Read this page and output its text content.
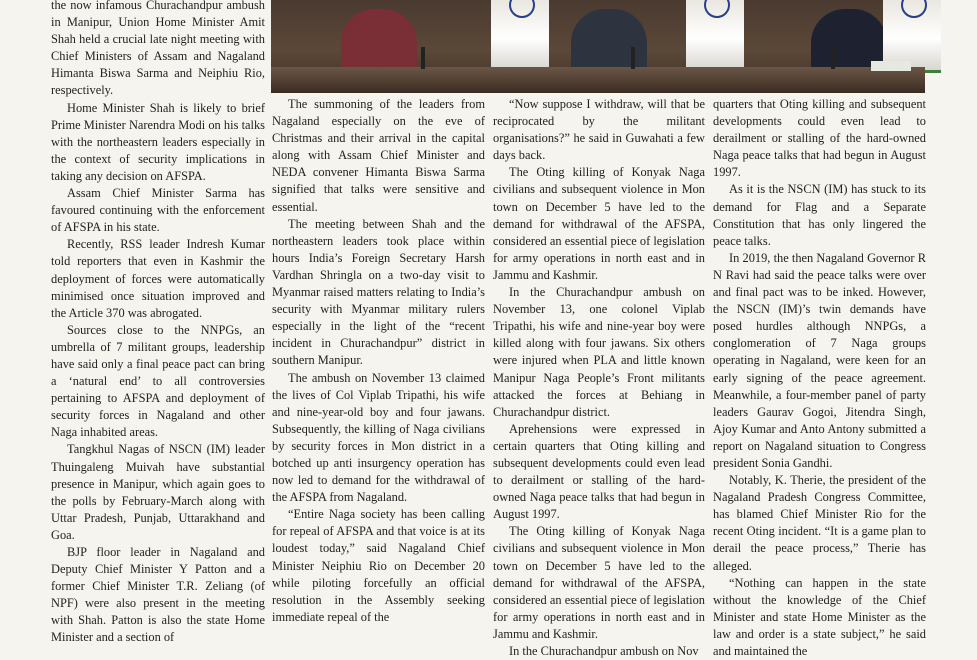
the now infamous Churachandpur ambush in Manipur, Union Home Minister Amit Shah held a crucial late night meeting with Chief Ministers of Assam and Nagaland Himanta Biswa Sarma and Neiphiu Rio, respectively.

Home Minister Shah is likely to brief Prime Minister Narendra Modi on his talks with the northeastern leaders especially in the context of security implications in taking any decision on AFSPA.

Assam Chief Minister Sarma has favoured continuing with the enforcement of AFSPA in his state.

Recently, RSS leader Indresh Kumar told reporters that even in Kashmir the deployment of forces were automatically minimised once situation improved and the Article 370 was abrogated.

Sources close to the NNPGs, an umbrella of 7 militant groups, leadership have said only a final peace pact can bring a ‘natural end’ to all controversies pertaining to AFSPA and deployment of security forces in Nagaland and other Naga inhabited areas.

Tangkhul Nagas of NSCN (IM) leader Thuingaleng Muivah have substantial presence in Manipur, which again goes to the polls by February-March along with Uttar Pradesh, Punjab, Uttarakhand and Goa.

BJP floor leader in Nagaland and Deputy Chief Minister Y Patton and a former Chief Minister T.R. Zeliang (of NPF) were also present in the meeting with Shah. Patton is also the state Home Minister and a section of

The summoning of the leaders from Nagaland especially on the eve of Christmas and their arrival in the capital along with Assam Chief Minister and NEDA convener Himanta Biswa Sarma signified that talks were sensitive and essential.

The meeting between Shah and the northeastern leaders took place within hours India’s Foreign Secretary Harsh Vardhan Shringla on a two-day visit to Myanmar raised matters relating to India’s security with Myanmar military rulers especially in the light of the “recent incident in Churachandpur” district in southern Manipur.

The ambush on November 13 claimed the lives of Col Viplab Tripathi, his wife and nine-year-old boy and four jawans. Subsequently, the killing of Naga civilians by security forces in Mon district in a botched up anti insurgency operation has now led to demand for the withdrawal of the AFSPA from Nagaland.

“Entire Naga society has been calling for repeal of AFSPA and that voice is at its loudest today,” said Nagaland Chief Minister Neiphiu Rio on December 20 while piloting forcefully an official resolution in the Assembly seeking immediate repeal of the

“Now suppose I withdraw, will that be reciprocated by the militant organisations?” he said in Guwahati a few days back.

The Oting killing of Konyak Naga civilians and subsequent violence in Mon town on December 5 have led to the demand for withdrawal of the AFSPA, considered an essential piece of legislation for army operations in north east and in Jammu and Kashmir.

In the Churachandpur ambush on November 13, one colonel Viplab Tripathi, his wife and nine-year boy were killed along with four jawans. Six others were injured when PLA and little known Manipur Naga People’s Front militants attacked the forces at Behiang in Churachandpur district.

Aprehensions were expressed in certain quarters that Oting killing and subsequent developments could even lead to derailment or stalling of the hard-owned Naga peace talks that had begun in August 1997.

The Oting killing of Konyak Naga civilians and subsequent violence in Mon town on December 5 have led to the demand for withdrawal of the AFSPA, considered an essential piece of legislation for army operations in north east and in Jammu and Kashmir.

In the Churachandpur ambush on Nov

quarters that Oting killing and subsequent developments could even lead to derailment or stalling of the hard-owned Naga peace talks that had begun in August 1997.

As it is the NSCN (IM) has stuck to its demand for Flag and a Separate Constitution that has only lingered the peace talks.

In 2019, the then Nagaland Governor R N Ravi had said the peace talks were over and final pact was to be inked. However, the NSCN (IM)’s twin demands have posed hurdles although NNPGs, a conglomeration of 7 Naga groups operating in Nagaland, were keen for an early signing of the peace agreement. Meanwhile, a four-member panel of party leaders Gaurav Gogoi, Jitendra Singh, Ajoy Kumar and Anto Antony submitted a report on Nagaland situation to Congress president Sonia Gandhi.

Notably, K. Therie, the president of the Nagaland Pradesh Congress Committee, has blamed Chief Minister Rio for the recent Oting incident. “It is a game plan to derail the peace process,” Therie has alleged.

“Nothing can happen in the state without the knowledge of the Chief Minister and state Home Minister as the law and order is a state subject,” he said and maintained the
